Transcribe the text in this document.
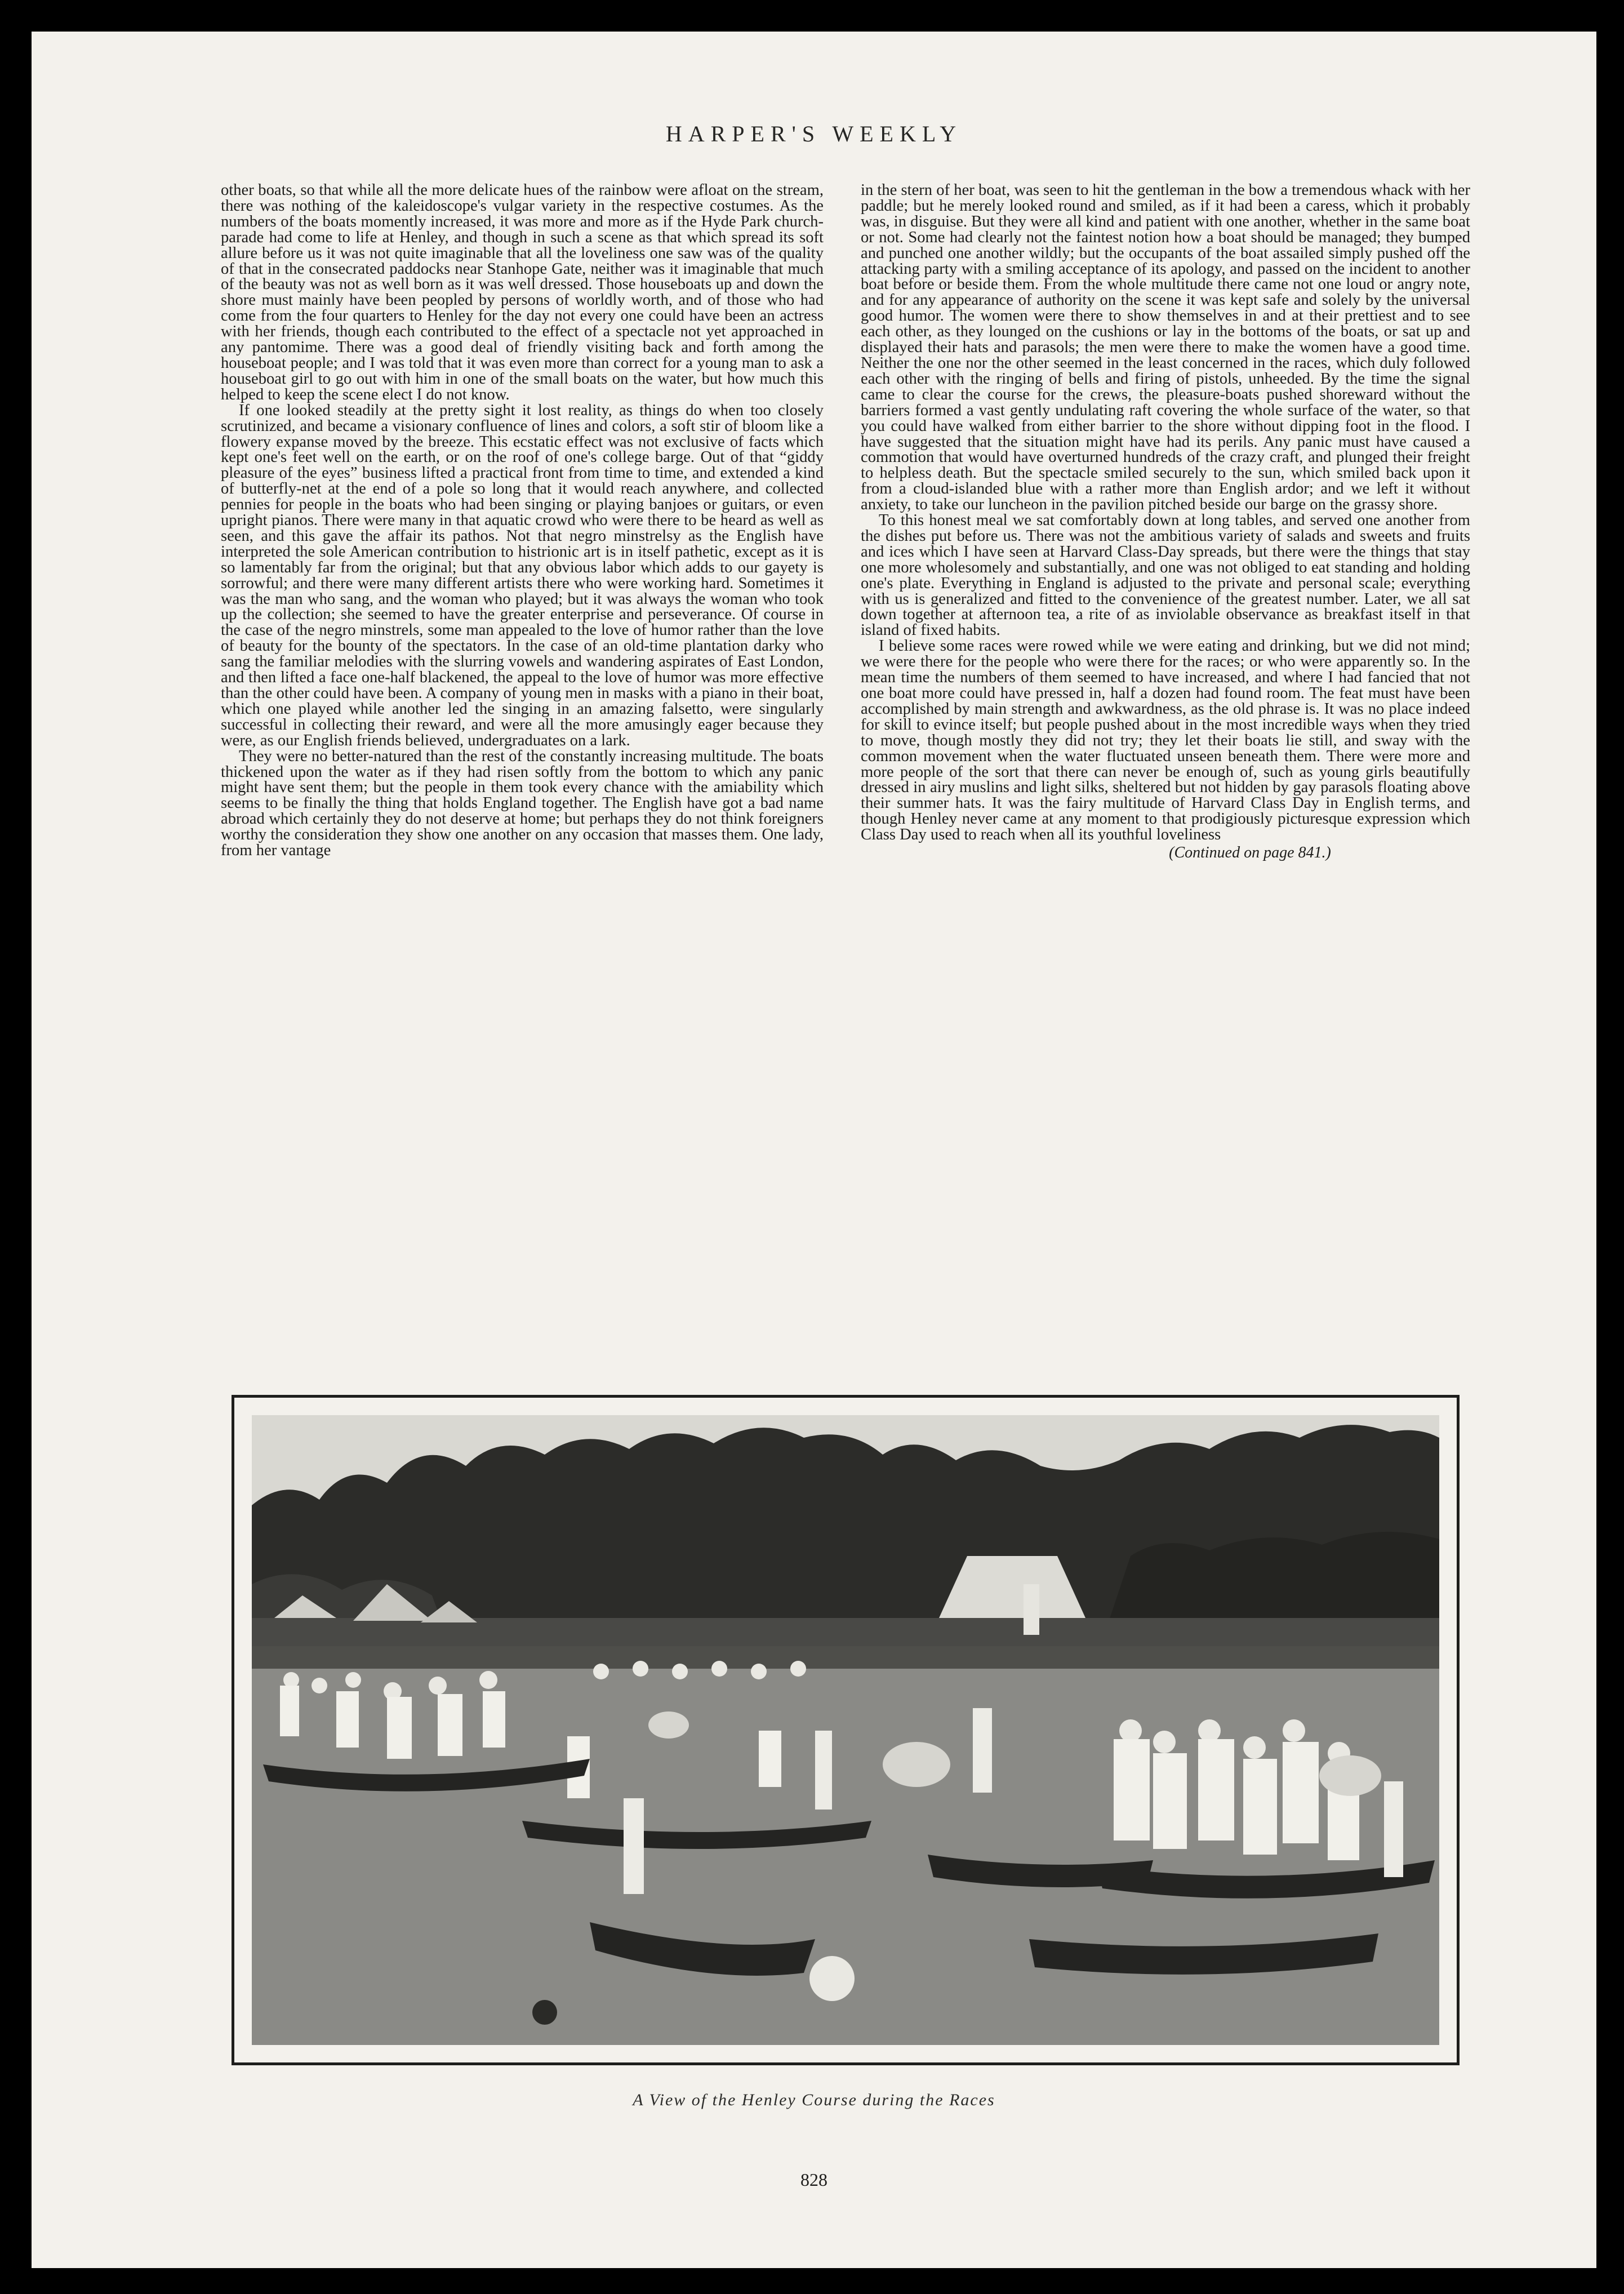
HARPER'S WEEKLY

other boats, so that while all the more delicate hues of the rainbow were afloat on the stream, there was nothing of the kaleidoscope's vulgar variety in the respective costumes. As the numbers of the boats momently increased, it was more and more as if the Hyde Park church-parade had come to life at Henley, and though in such a scene as that which spread its soft allure before us it was not quite imaginable that all the loveliness one saw was of the quality of that in the consecrated paddocks near Stanhope Gate, neither was it imaginable that much of the beauty was not as well born as it was well dressed. Those houseboats up and down the shore must mainly have been peopled by persons of worldly worth, and of those who had come from the four quarters to Henley for the day not every one could have been an actress with her friends, though each contributed to the effect of a spectacle not yet approached in any pantomime. There was a good deal of friendly visiting back and forth among the houseboat people; and I was told that it was even more than correct for a young man to ask a houseboat girl to go out with him in one of the small boats on the water, but how much this helped to keep the scene elect I do not know.

If one looked steadily at the pretty sight it lost reality, as things do when too closely scrutinized, and became a visionary confluence of lines and colors, a soft stir of bloom like a flowery expanse moved by the breeze. This ecstatic effect was not exclusive of facts which kept one's feet well on the earth, or on the roof of one's college barge. Out of that “giddy pleasure of the eyes” business lifted a practical front from time to time, and extended a kind of butterfly-net at the end of a pole so long that it would reach anywhere, and collected pennies for people in the boats who had been singing or playing banjoes or guitars, or even upright pianos. There were many in that aquatic crowd who were there to be heard as well as seen, and this gave the affair its pathos. Not that negro minstrelsy as the English have interpreted the sole American contribution to histrionic art is in itself pathetic, except as it is so lamentably far from the original; but that any obvious labor which adds to our gayety is sorrowful; and there were many different artists there who were working hard. Sometimes it was the man who sang, and the woman who played; but it was always the woman who took up the collection; she seemed to have the greater enterprise and perseverance. Of course in the case of the negro minstrels, some man appealed to the love of humor rather than the love of beauty for the bounty of the spectators. In the case of an old-time plantation darky who sang the familiar melodies with the slurring vowels and wandering aspirates of East London, and then lifted a face one-half blackened, the appeal to the love of humor was more effective than the other could have been. A company of young men in masks with a piano in their boat, which one played while another led the singing in an amazing falsetto, were singularly successful in collecting their reward, and were all the more amusingly eager because they were, as our English friends believed, undergraduates on a lark.

They were no better-natured than the rest of the constantly increasing multitude. The boats thickened upon the water as if they had risen softly from the bottom to which any panic might have sent them; but the people in them took every chance with the amiability which seems to be finally the thing that holds England together. The English have got a bad name abroad which certainly they do not deserve at home; but perhaps they do not think foreigners worthy the consideration they show one another on any occasion that masses them. One lady, from her vantage

in the stern of her boat, was seen to hit the gentleman in the bow a tremendous whack with her paddle; but he merely looked round and smiled, as if it had been a caress, which it probably was, in disguise. But they were all kind and patient with one another, whether in the same boat or not. Some had clearly not the faintest notion how a boat should be managed; they bumped and punched one another wildly; but the occupants of the boat assailed simply pushed off the attacking party with a smiling acceptance of its apology, and passed on the incident to another boat before or beside them. From the whole multitude there came not one loud or angry note, and for any appearance of authority on the scene it was kept safe and solely by the universal good humor. The women were there to show themselves in and at their prettiest and to see each other, as they lounged on the cushions or lay in the bottoms of the boats, or sat up and displayed their hats and parasols; the men were there to make the women have a good time. Neither the one nor the other seemed in the least concerned in the races, which duly followed each other with the ringing of bells and firing of pistols, unheeded. By the time the signal came to clear the course for the crews, the pleasure-boats pushed shoreward without the barriers formed a vast gently undulating raft covering the whole surface of the water, so that you could have walked from either barrier to the shore without dipping foot in the flood. I have suggested that the situation might have had its perils. Any panic must have caused a commotion that would have overturned hundreds of the crazy craft, and plunged their freight to helpless death. But the spectacle smiled securely to the sun, which smiled back upon it from a cloud-islanded blue with a rather more than English ardor; and we left it without anxiety, to take our luncheon in the pavilion pitched beside our barge on the grassy shore.

To this honest meal we sat comfortably down at long tables, and served one another from the dishes put before us. There was not the ambitious variety of salads and sweets and fruits and ices which I have seen at Harvard Class-Day spreads, but there were the things that stay one more wholesomely and substantially, and one was not obliged to eat standing and holding one's plate. Everything in England is adjusted to the private and personal scale; everything with us is generalized and fitted to the convenience of the greatest number. Later, we all sat down together at afternoon tea, a rite of as inviolable observance as breakfast itself in that island of fixed habits.

I believe some races were rowed while we were eating and drinking, but we did not mind; we were there for the people who were there for the races; or who were apparently so. In the mean time the numbers of them seemed to have increased, and where I had fancied that not one boat more could have pressed in, half a dozen had found room. The feat must have been accomplished by main strength and awkwardness, as the old phrase is. It was no place indeed for skill to evince itself; but people pushed about in the most incredible ways when they tried to move, though mostly they did not try; they let their boats lie still, and sway with the common movement when the water fluctuated unseen beneath them. There were more and more people of the sort that there can never be enough of, such as young girls beautifully dressed in airy muslins and light silks, sheltered but not hidden by gay parasols floating above their summer hats. It was the fairy multitude of Harvard Class Day in English terms, and though Henley never came at any moment to that prodigiously picturesque expression which Class Day used to reach when all its youthful loveliness

(Continued on page 841.)
A View of the Henley Course during the Races
828
